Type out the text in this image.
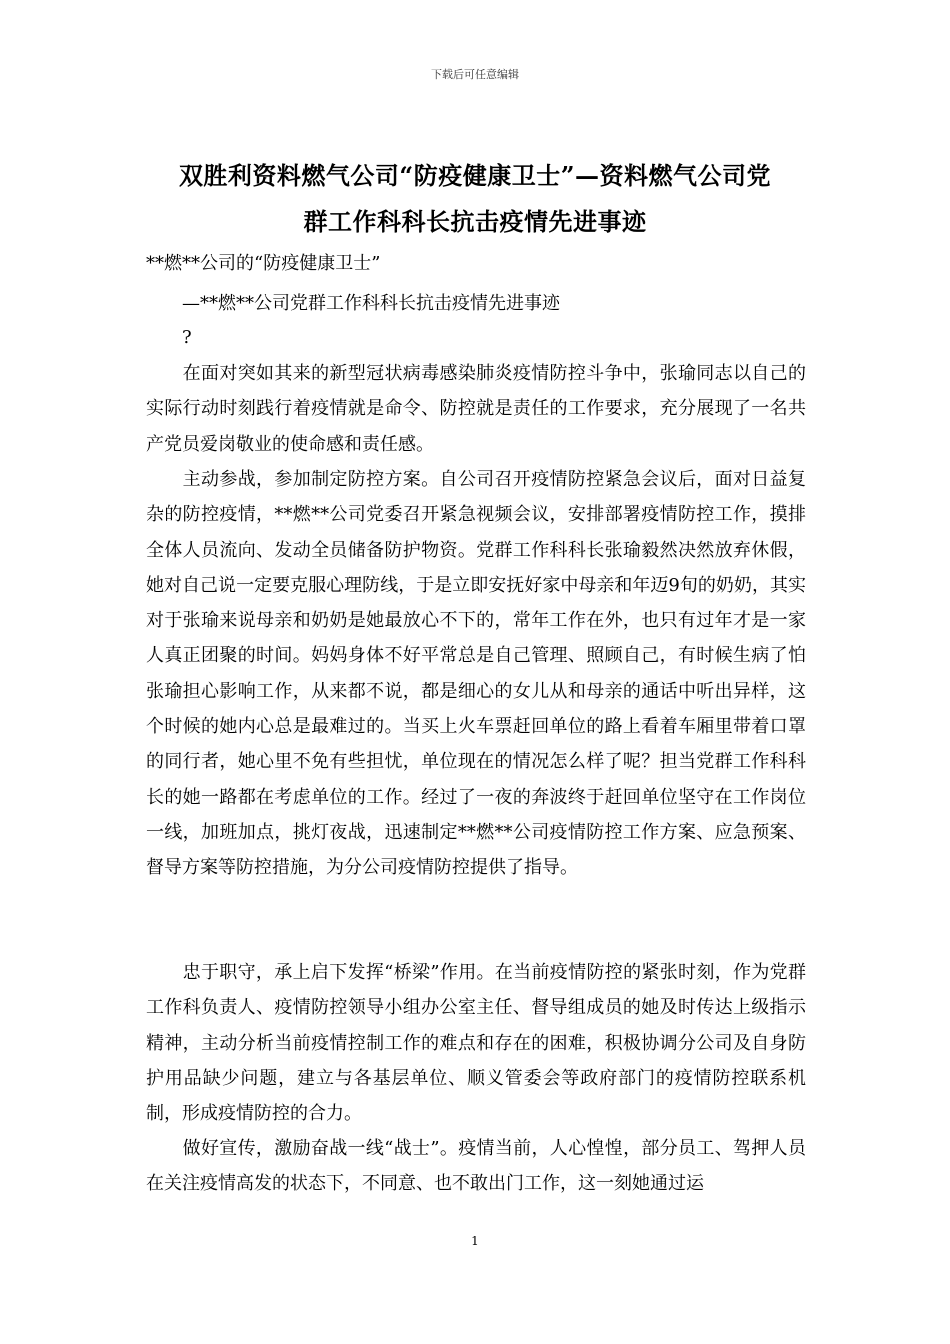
下载后可任意编辑
双胜利资料燃气公司“防疫健康卫士”—资料燃气公司党
群工作科科长抗击疫情先进事迹
**燃**公司的“防疫健康卫士”
—**燃**公司党群工作科科长抗击疫情先进事迹
?
　　在面对突如其来的新型冠状病毒感染肺炎疫情防控斗争中，张瑜同志以自己的实际行动时刻践行着疫情就是命令、防控就是责任的工作要求，充分展现了一名共产党员爱岗敬业的使命感和责任感。
　　主动参战，参加制定防控方案。自公司召开疫情防控紧急会议后，面对日益复杂的防控疫情，**燃**公司党委召开紧急视频会议，安排部署疫情防控工作，摸排全体人员流向、发动全员储备防护物资。党群工作科科长张瑜毅然决然放弃休假，她对自己说一定要克服心理防线，于是立即安抚好家中母亲和年迈9旬的奶奶，其实对于张瑜来说母亲和奶奶是她最放心不下的，常年工作在外，也只有过年才是一家人真正团聚的时间。妈妈身体不好平常总是自己管理、照顾自己，有时候生病了怕张瑜担心影响工作，从来都不说，都是细心的女儿从和母亲的通话中听出异样，这个时候的她内心总是最难过的。当买上火车票赶回单位的路上看着车厢里带着口罩的同行者，她心里不免有些担忧，单位现在的情况怎么样了呢？担当党群工作科科长的她一路都在考虑单位的工作。经过了一夜的奔波终于赶回单位坚守在工作岗位一线，加班加点，挑灯夜战，迅速制定**燃**公司疫情防控工作方案、应急预案、督导方案等防控措施，为分公司疫情防控提供了指导。
　　忠于职守，承上启下发挥“桥梁”作用。在当前疫情防控的紧张时刻，作为党群工作科负责人、疫情防控领导小组办公室主任、督导组成员的她及时传达上级指示精神，主动分析当前疫情控制工作的难点和存在的困难，积极协调分公司及自身防护用品缺少问题，建立与各基层单位、顺义管委会等政府部门的疫情防控联系机制，形成疫情防控的合力。
　　做好宣传，激励奋战一线“战士”。疫情当前，人心惶惶，部分员工、驾押人员在关注疫情高发的状态下，不同意、也不敢出门工作，这一刻她通过运
1
